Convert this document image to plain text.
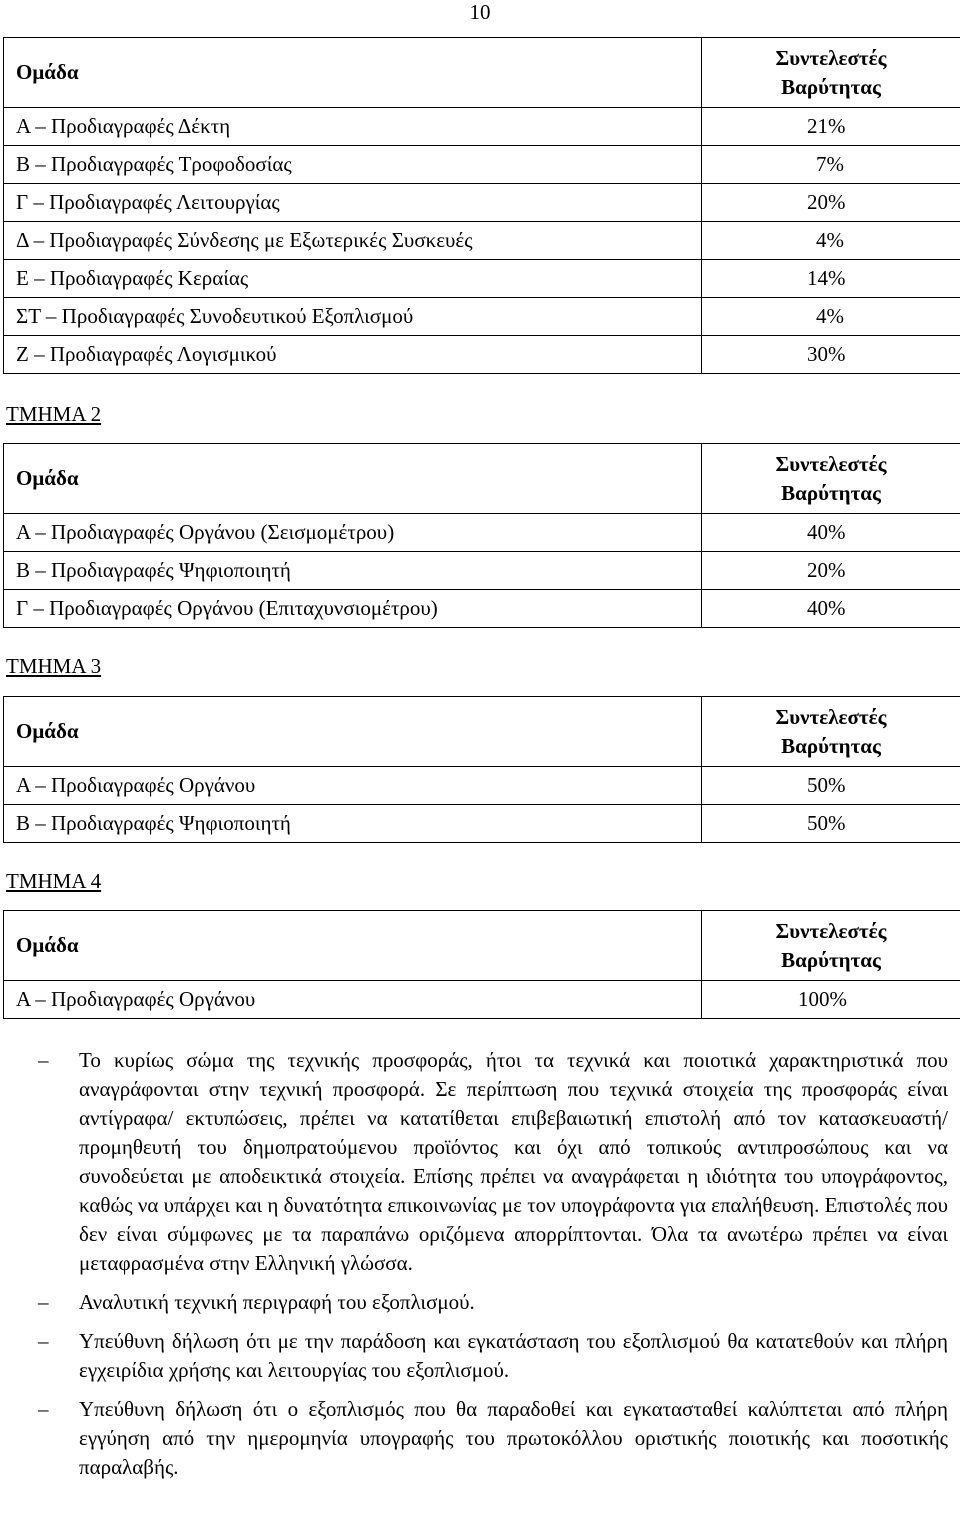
10
Ομάδα	Συντελεστές
Βαρύτητας
Α – Προδιαγραφές Δέκτη	21%
Β – Προδιαγραφές Τροφοδοσίας	7%
Γ – Προδιαγραφές Λειτουργίας	20%
Δ – Προδιαγραφές Σύνδεσης με Εξωτερικές Συσκευές	4%
Ε – Προδιαγραφές Κεραίας	14%
ΣΤ – Προδιαγραφές Συνοδευτικού Εξοπλισμού	4%
Ζ – Προδιαγραφές Λογισμικού	30%
ΤΜΗΜΑ 2
Ομάδα	Συντελεστές
Βαρύτητας
Α – Προδιαγραφές Οργάνου (Σεισμομέτρου)	40%
Β – Προδιαγραφές Ψηφιοποιητή	20%
Γ – Προδιαγραφές Οργάνου (Επιταχυνσιομέτρου)	40%
ΤΜΗΜΑ 3
Ομάδα	Συντελεστές
Βαρύτητας
Α – Προδιαγραφές Οργάνου	50%
Β – Προδιαγραφές Ψηφιοποιητή	50%
ΤΜΗΜΑ 4
Ομάδα	Συντελεστές
Βαρύτητας
Α – Προδιαγραφές Οργάνου	100%
– Το κυρίως σώμα της τεχνικής προσφοράς, ήτοι τα τεχνικά και ποιοτικά χαρακτηριστικά που αναγράφονται στην τεχνική προσφορά. Σε περίπτωση που τεχνικά στοιχεία της προσφοράς είναι αντίγραφα/ εκτυπώσεις, πρέπει να κατατίθεται επιβεβαιωτική επιστολή από τον κατασκευαστή/ προμηθευτή του δημοπρατούμενου προϊόντος και όχι από τοπικούς αντιπροσώπους και να συνοδεύεται με αποδεικτικά στοιχεία. Επίσης πρέπει να αναγράφεται η ιδιότητα του υπογράφοντος, καθώς να υπάρχει και η δυνατότητα επικοινωνίας με τον υπογράφοντα για επαλήθευση. Επιστολές που δεν είναι σύμφωνες με τα παραπάνω οριζόμενα απορρίπτονται. Όλα τα ανωτέρω πρέπει να είναι μεταφρασμένα στην Ελληνική γλώσσα.
– Αναλυτική τεχνική περιγραφή του εξοπλισμού.
– Υπεύθυνη δήλωση ότι με την παράδοση και εγκατάσταση του εξοπλισμού θα κατατεθούν και πλήρη εγχειρίδια χρήσης και λειτουργίας του εξοπλισμού.
– Υπεύθυνη δήλωση ότι ο εξοπλισμός που θα παραδοθεί και εγκατασταθεί καλύπτεται από πλήρη εγγύηση από την ημερομηνία υπογραφής του πρωτοκόλλου οριστικής ποιοτικής και ποσοτικής παραλαβής.
